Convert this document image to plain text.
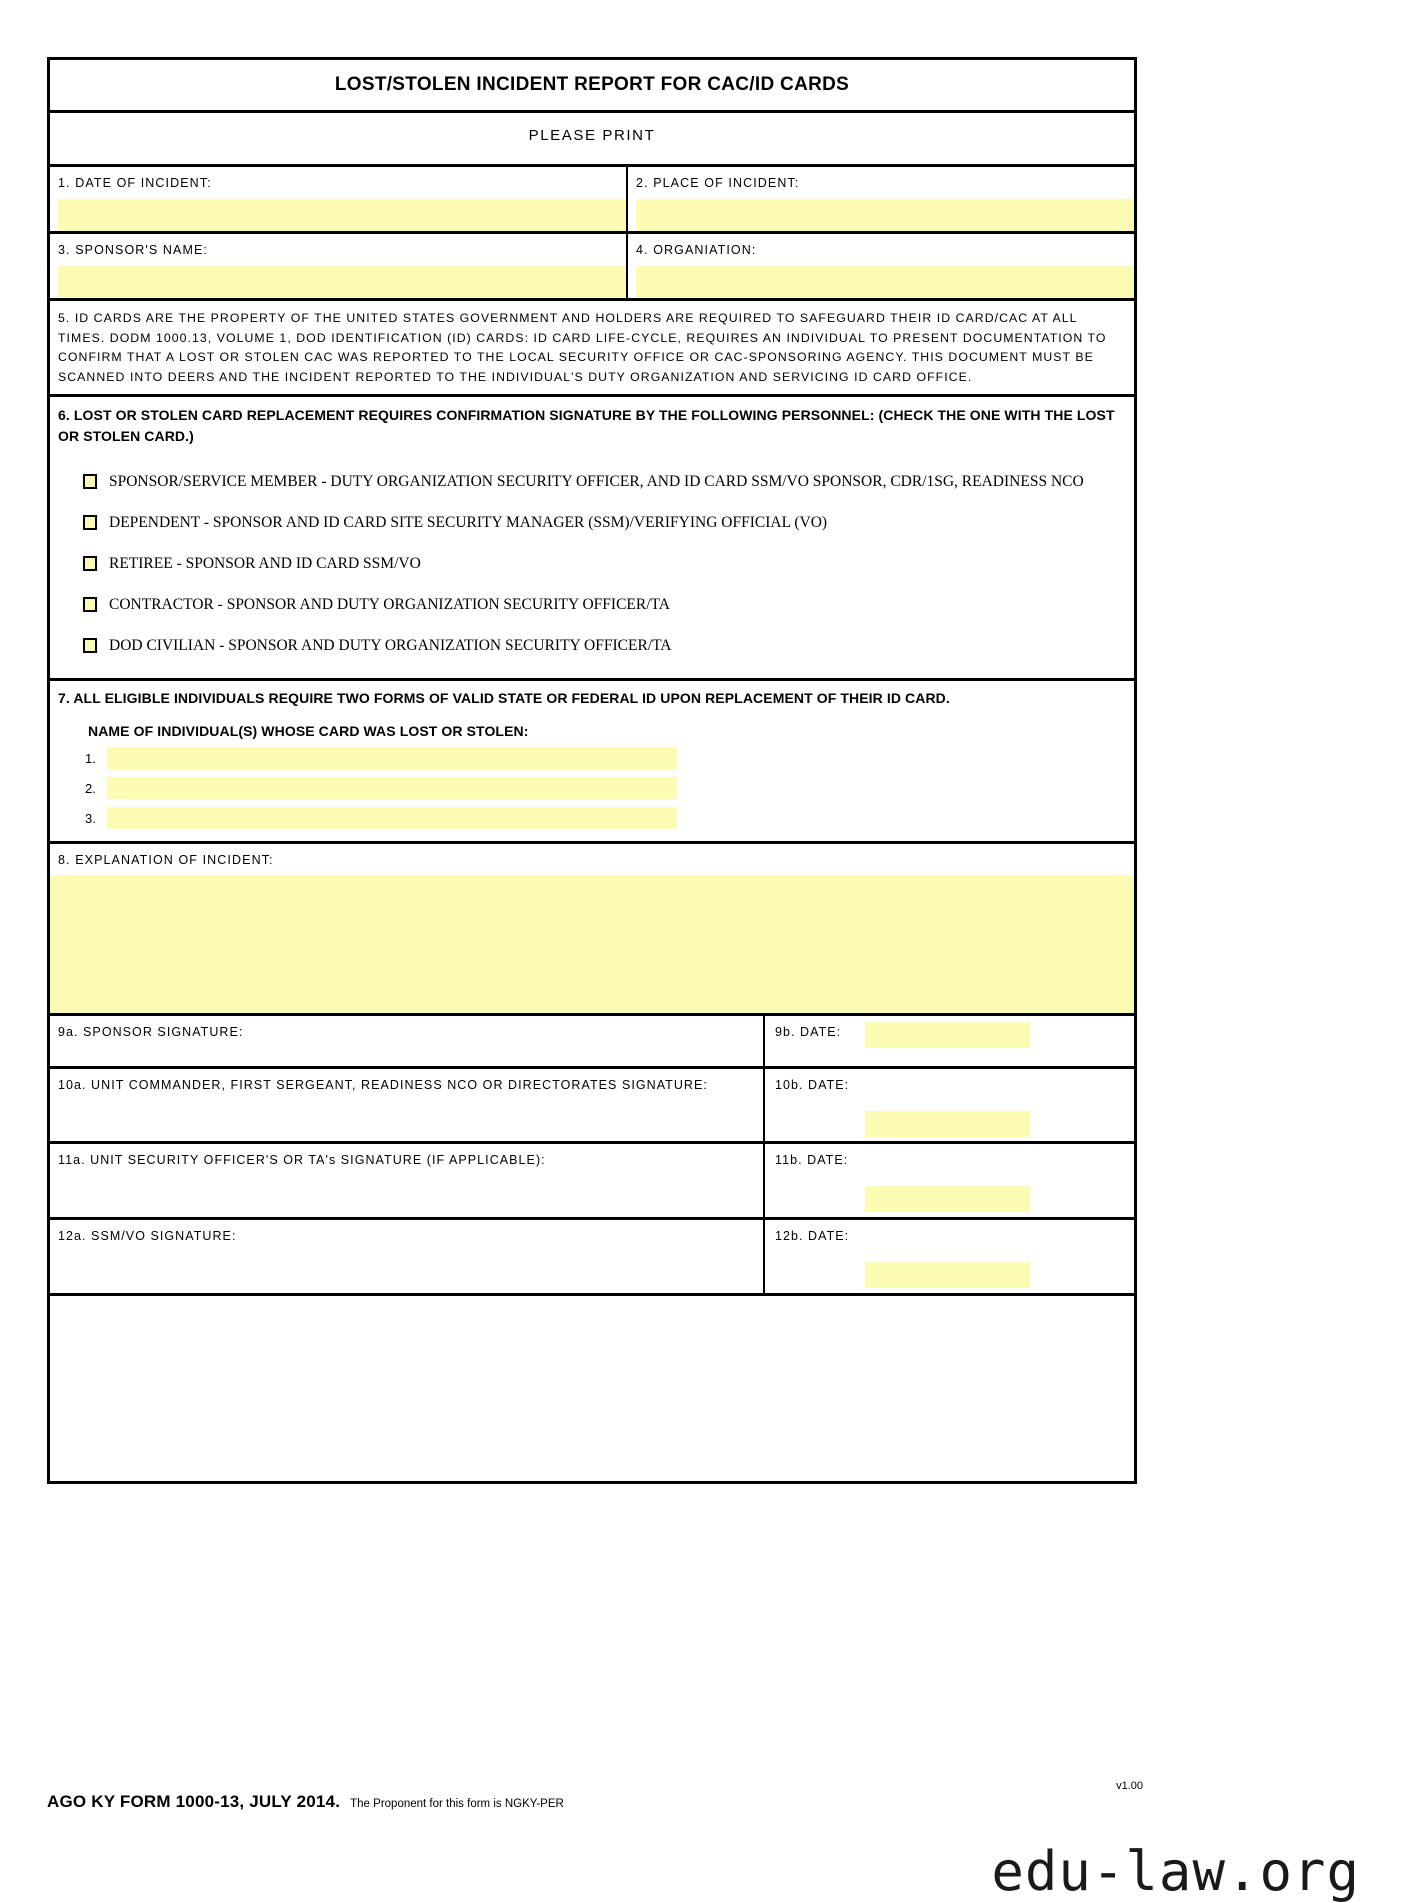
LOST/STOLEN INCIDENT REPORT FOR CAC/ID CARDS
PLEASE PRINT
1. DATE OF INCIDENT:	2. PLACE OF INCIDENT:
3. SPONSOR'S NAME:	4. ORGANIATION:
5. ID CARDS ARE THE PROPERTY OF THE UNITED STATES GOVERNMENT AND HOLDERS ARE REQUIRED TO SAFEGUARD THEIR ID CARD/CAC AT ALL TIMES. DODM 1000.13, VOLUME 1, DOD IDENTIFICATION (ID) CARDS: ID CARD LIFE-CYCLE, REQUIRES AN INDIVIDUAL TO PRESENT DOCUMENTATION TO CONFIRM THAT A LOST OR STOLEN CAC WAS REPORTED TO THE LOCAL SECURITY OFFICE OR CAC-SPONSORING AGENCY. THIS DOCUMENT MUST BE SCANNED INTO DEERS AND THE INCIDENT REPORTED TO THE INDIVIDUAL'S DUTY ORGANIZATION AND SERVICING ID CARD OFFICE.
6. LOST OR STOLEN CARD REPLACEMENT REQUIRES CONFIRMATION SIGNATURE BY THE FOLLOWING PERSONNEL: (CHECK THE ONE WITH THE LOST OR STOLEN CARD.)
SPONSOR/SERVICE MEMBER - DUTY ORGANIZATION SECURITY OFFICER, AND ID CARD SSM/VO SPONSOR, CDR/1SG, READINESS NCO
DEPENDENT - SPONSOR AND ID CARD SITE SECURITY MANAGER (SSM)/VERIFYING OFFICIAL (VO)
RETIREE - SPONSOR AND ID CARD SSM/VO
CONTRACTOR - SPONSOR AND DUTY ORGANIZATION SECURITY OFFICER/TA
DOD CIVILIAN - SPONSOR AND DUTY ORGANIZATION SECURITY OFFICER/TA
7. ALL ELIGIBLE INDIVIDUALS REQUIRE TWO FORMS OF VALID STATE OR FEDERAL ID UPON REPLACEMENT OF THEIR ID CARD.
NAME OF INDIVIDUAL(S) WHOSE CARD WAS LOST OR STOLEN:
1.
2.
3.
8. EXPLANATION OF INCIDENT:
9a. SPONSOR SIGNATURE:	9b. DATE:
10a. UNIT COMMANDER, FIRST SERGEANT, READINESS NCO OR DIRECTORATES SIGNATURE:	10b. DATE:
11a. UNIT SECURITY OFFICER'S OR TA's SIGNATURE (IF APPLICABLE):	11b. DATE:
12a. SSM/VO SIGNATURE:	12b. DATE:
AGO KY FORM 1000-13, JULY 2014. The Proponent for this form is NGKY-PER
v1.00
edu-law.org
